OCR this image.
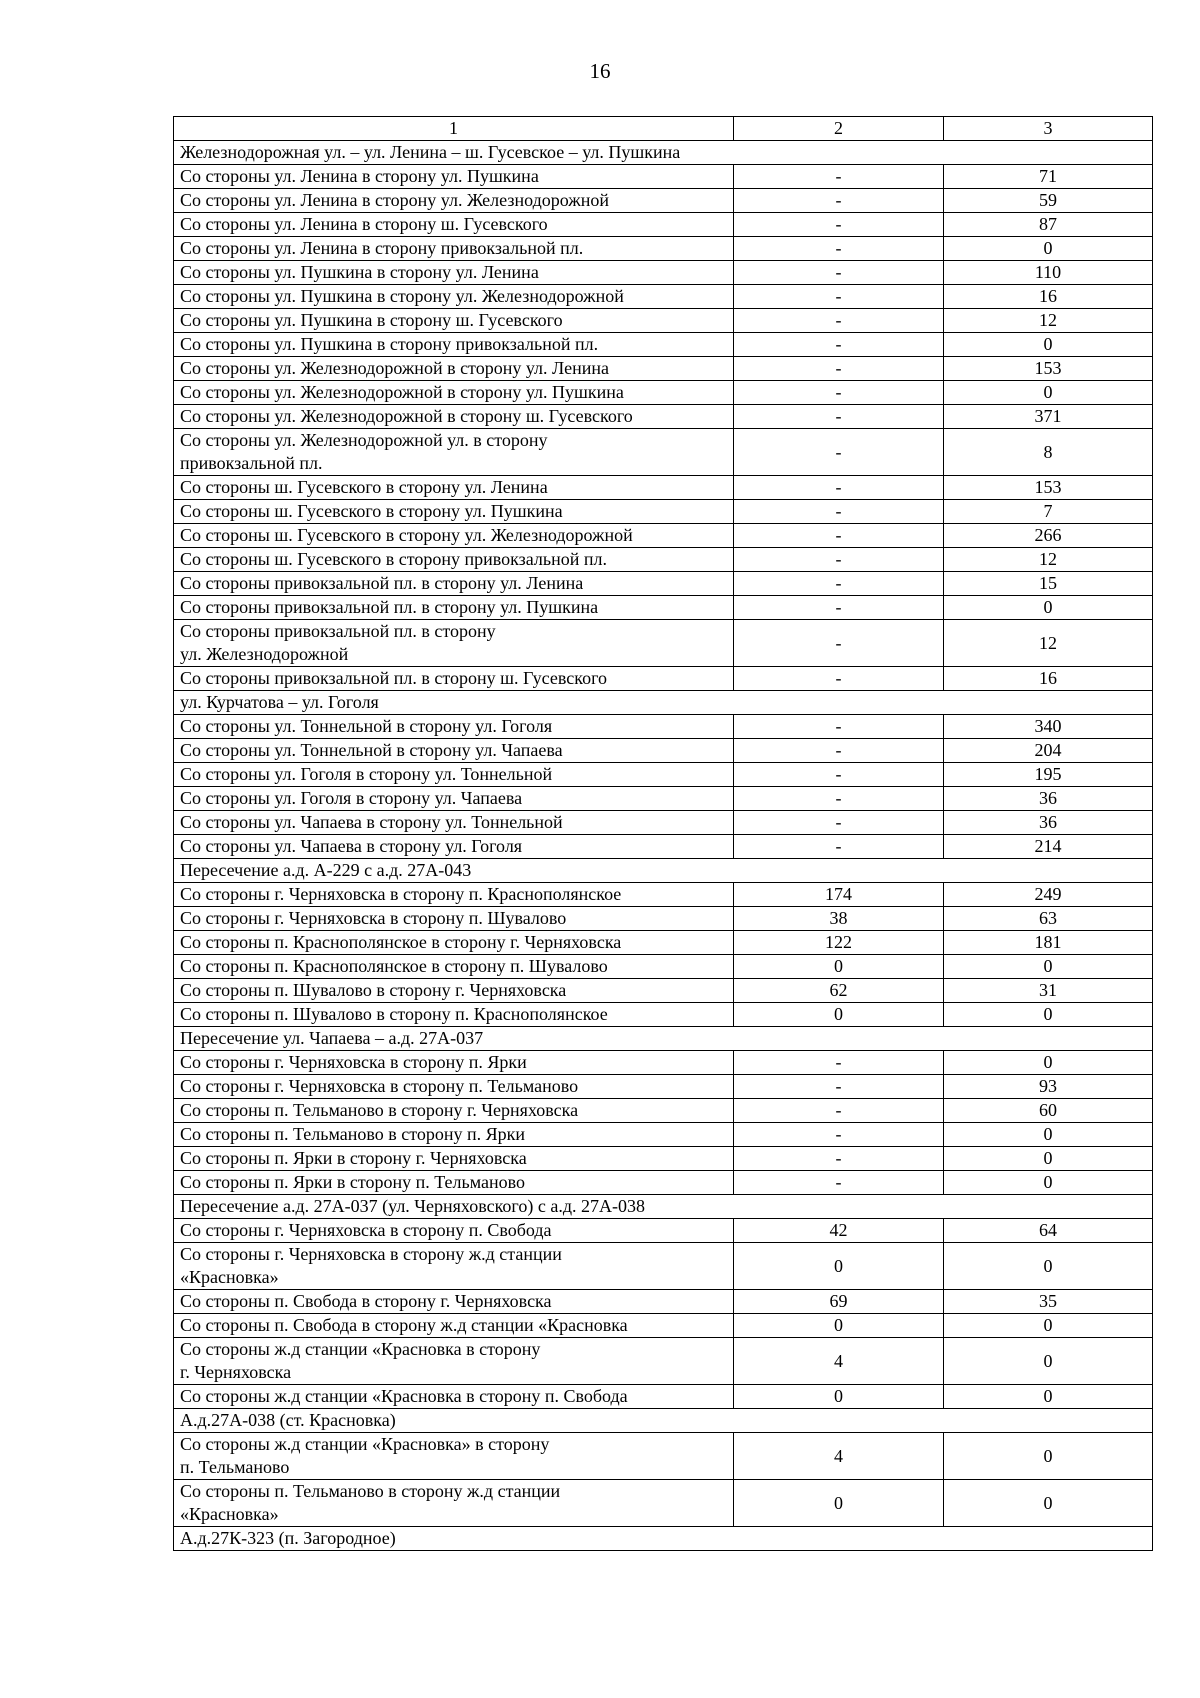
16
1	2	3
Железнодорожная ул. – ул. Ленина – ш. Гусевское – ул. Пушкина		
Со стороны ул. Ленина в сторону ул. Пушкина	-	71
Со стороны ул. Ленина в сторону ул. Железнодорожной	-	59
Со стороны ул. Ленина в сторону ш. Гусевского	-	87
Со стороны ул. Ленина в сторону привокзальной пл.	-	0
Со стороны ул. Пушкина в сторону ул. Ленина	-	110
Со стороны ул. Пушкина в сторону ул. Железнодорожной	-	16
Со стороны ул. Пушкина в сторону ш. Гусевского	-	12
Со стороны ул. Пушкина в сторону привокзальной пл.	-	0
Со стороны ул. Железнодорожной в сторону ул. Ленина	-	153
Со стороны ул. Железнодорожной в сторону ул. Пушкина	-	0
Со стороны ул. Железнодорожной в сторону ш. Гусевского	-	371
Со стороны ул. Железнодорожной ул. в сторону
привокзальной пл.	-	8
Со стороны ш. Гусевского в сторону ул. Ленина	-	153
Со стороны ш. Гусевского в сторону ул. Пушкина	-	7
Со стороны ш. Гусевского в сторону ул. Железнодорожной	-	266
Со стороны ш. Гусевского в сторону привокзальной пл.	-	12
Со стороны привокзальной пл. в сторону ул. Ленина	-	15
Со стороны привокзальной пл. в сторону ул. Пушкина	-	0
Со стороны привокзальной пл. в сторону
ул. Железнодорожной	-	12
Со стороны привокзальной пл. в сторону ш. Гусевского	-	16
ул. Курчатова – ул. Гоголя		
Со стороны ул. Тоннельной в сторону ул. Гоголя	-	340
Со стороны ул. Тоннельной в сторону ул. Чапаева	-	204
Со стороны ул. Гоголя в сторону ул. Тоннельной	-	195
Со стороны ул. Гоголя в сторону ул. Чапаева	-	36
Со стороны ул. Чапаева в сторону ул. Тоннельной	-	36
Со стороны ул. Чапаева в сторону ул. Гоголя	-	214
Пересечение а.д. А-229 с а.д. 27А-043		
Со стороны г. Черняховска в сторону п. Краснополянское	174	249
Со стороны г. Черняховска в сторону п. Шувалово	38	63
Со стороны п. Краснополянское в сторону г. Черняховска	122	181
Со стороны п. Краснополянское в сторону п. Шувалово	0	0
Со стороны п. Шувалово в сторону г. Черняховска	62	31
Со стороны п. Шувалово в сторону п. Краснополянское	0	0
Пересечение ул. Чапаева – а.д. 27А-037		
Со стороны г. Черняховска в сторону п. Ярки	-	0
Со стороны г. Черняховска в сторону п. Тельманово	-	93
Со стороны п. Тельманово в сторону г. Черняховска	-	60
Со стороны п. Тельманово в сторону п. Ярки	-	0
Со стороны п. Ярки в сторону г. Черняховска	-	0
Со стороны п. Ярки в сторону п. Тельманово	-	0
Пересечение а.д. 27А-037 (ул. Черняховского) с а.д. 27А-038		
Со стороны г. Черняховска в сторону п. Свобода	42	64
Со стороны г. Черняховска в сторону ж.д станции
«Красновка»	0	0
Со стороны п. Свобода в сторону г. Черняховска	69	35
Со стороны п. Свобода в сторону ж.д станции «Красновка	0	0
Со стороны ж.д станции «Красновка в сторону
г. Черняховска	4	0
Со стороны ж.д станции «Красновка в сторону п. Свобода	0	0
А.д.27А-038 (ст. Красновка)		
Со стороны ж.д станции «Красновка» в сторону
п. Тельманово	4	0
Со стороны п. Тельманово в сторону ж.д станции
«Красновка»	0	0
А.д.27К-323 (п. Загородное)		
